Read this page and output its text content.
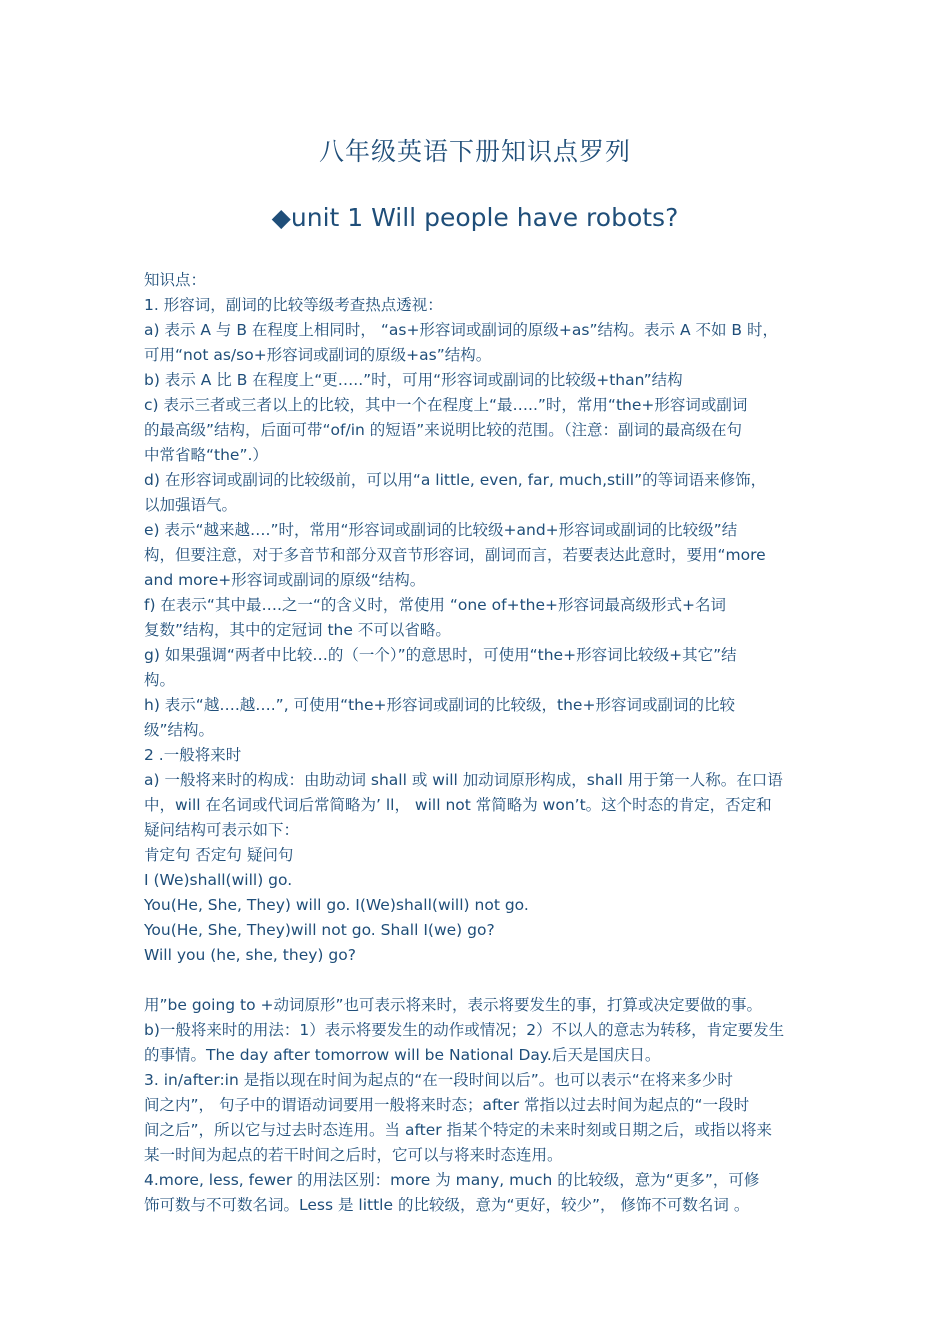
八年级英语下册知识点罗列
◆unit 1 Will people have robots?

知识点：

1. 形容词，副词的比较等级考查热点透视：

a) 表示 A 与 B 在程度上相同时， “as+形容词或副词的原级+as”结构。表示 A 不如 B 时，

可用“not as/so+形容词或副词的原级+as”结构。

b) 表示 A 比 B 在程度上“更…..”时，可用“形容词或副词的比较级+than”结构

c) 表示三者或三者以上的比较，其中一个在程度上“最…..”时，常用“the+形容词或副词

的最高级”结构，后面可带“of/in 的短语”来说明比较的范围。（注意：副词的最高级在句

中常省略“the”.）

d) 在形容词或副词的比较级前，可以用“a little, even, far, much,still”的等词语来修饰，

以加强语气。

e) 表示“越来越….”时，常用“形容词或副词的比较级+and+形容词或副词的比较级”结

构，但要注意，对于多音节和部分双音节形容词，副词而言，若要表达此意时，要用“more

and more+形容词或副词的原级“结构。

f) 在表示“其中最….之一“的含义时，常使用 “one of+the+形容词最高级形式+名词

复数”结构，其中的定冠词 the 不可以省略。

g) 如果强调“两者中比较…的（一个）”的意思时，可使用“the+形容词比较级+其它”结

构。

h) 表示“越….越….”, 可使用“the+形容词或副词的比较级，the+形容词或副词的比较

级”结构。

2 .一般将来时

a) 一般将来时的构成：由助动词 shall 或 will 加动词原形构成，shall 用于第一人称。在口语

中，will 在名词或代词后常简略为’ ll， will not 常简略为 won’t。这个时态的肯定，否定和

疑问结构可表示如下：

肯定句 否定句 疑问句

I (We)shall(will) go.

You(He, She, They) will go. I(We)shall(will) not go.

You(He, She, They)will not go. Shall I(we) go?

Will you (he, she, they) go?

用”be going to +动词原形”也可表示将来时，表示将要发生的事，打算或决定要做的事。

b)一般将来时的用法：1）表示将要发生的动作或情况；2）不以人的意志为转移，肯定要发生

的事情。The day after tomorrow will be National Day.后天是国庆日。

3. in/after:in 是指以现在时间为起点的“在一段时间以后”。也可以表示“在将来多少时

间之内”， 句子中的谓语动词要用一般将来时态；after 常指以过去时间为起点的“一段时

间之后”，所以它与过去时态连用。当 after 指某个特定的未来时刻或日期之后，或指以将来

某一时间为起点的若干时间之后时，它可以与将来时态连用。

4.more, less, fewer 的用法区别：more 为 many, much 的比较级，意为“更多”，可修

饰可数与不可数名词。Less 是 little 的比较级，意为“更好，较少”， 修饰不可数名词 。
